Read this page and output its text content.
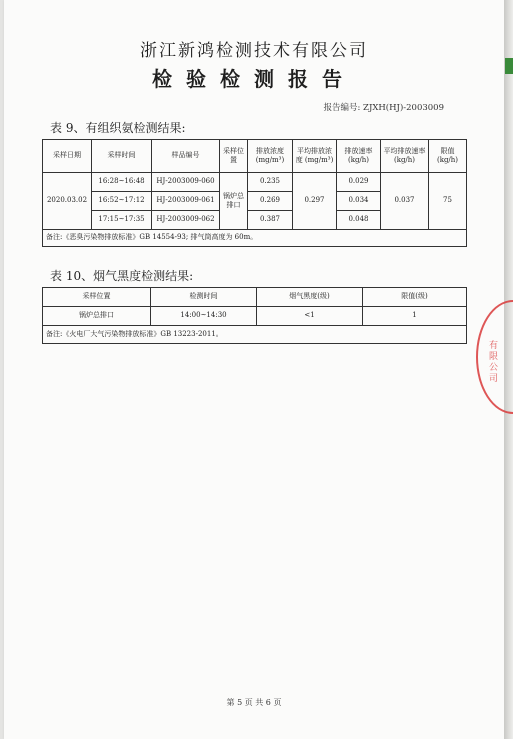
浙江新鸿检测技术有限公司
检验检测报告
报告编号: ZJXH(HJ)-2003009
表 9、有组织氨检测结果:
采样日期	采样时间	样品编号	采样位置	排放浓度 (mg/m³)	平均排放浓度 (mg/m³)	排放速率 (kg/h)	平均排放速率 (kg/h)	限值 (kg/h)
2020.03.02	16:28~16:48	HJ-2003009-060	锅炉总排口	0.235	0.297	0.029	0.037	75
	16:52~17:12	HJ-2003009-061		0.269		0.034		
	17:15~17:35	HJ-2003009-062		0.387		0.048		
备注:《恶臭污染物排放标准》GB 14554-93; 排气筒高度为 60m。								
表 10、烟气黑度检测结果:
采样位置	检测时间	烟气黑度(级)	限值(级)
锅炉总排口	14:00~14:30	<1	1
备注:《火电厂大气污染物排放标准》GB 13223-2011。			
第 5 页 共 6 页
有限公司
